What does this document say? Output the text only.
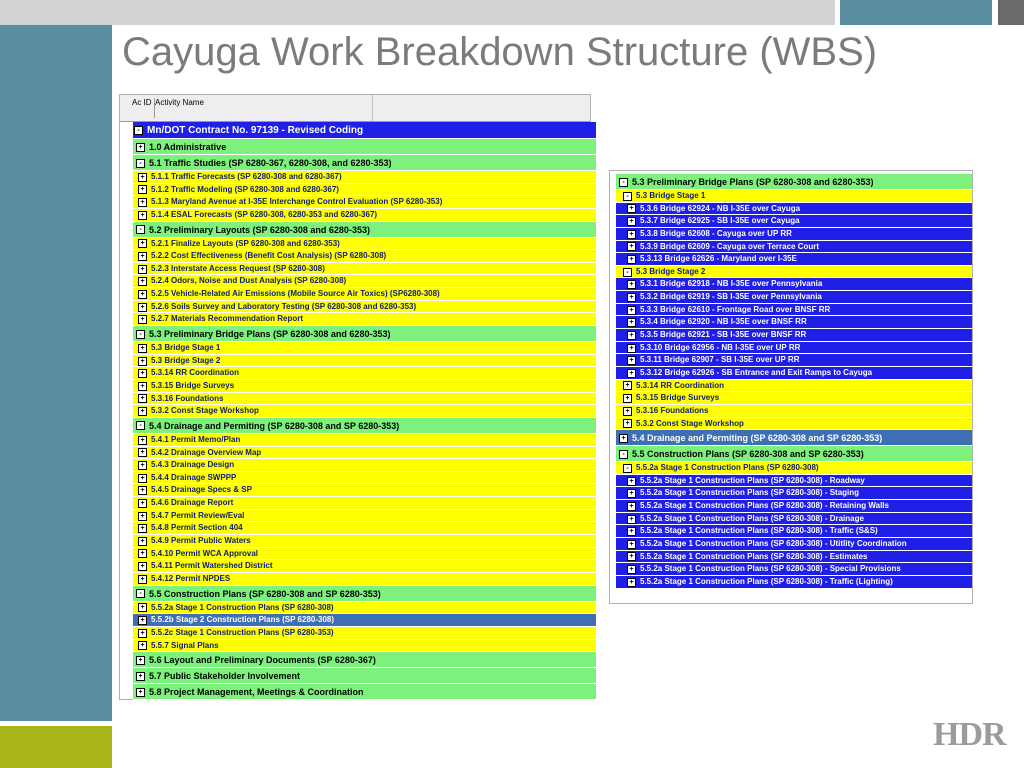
Cayuga Work Breakdown Structure (WBS)
Ac ID Activity Name
- Mn/DOT Contract No. 97139 - Revised Coding
+ 1.0 Administrative
- 5.1 Traffic Studies (SP 6280-367, 6280-308, and 6280-353)
+ 5.1.1 Traffic Forecasts (SP 6280-308 and 6280-367)
+ 5.1.2 Traffic Modeling (SP 6280-308 and 6280-367)
+ 5.1.3 Maryland Avenue at I-35E Interchange Control Evaluation (SP 6280-353)
+ 5.1.4 ESAL Forecasts (SP 6280-308, 6280-353 and 6280-367)
- 5.2 Preliminary Layouts (SP 6280-308 and 6280-353)
+ 5.2.1 Finalize Layouts (SP 6280-308 and 6280-353)
+ 5.2.2 Cost Effectiveness (Benefit Cost Analysis) (SP 6280-308)
+ 5.2.3 Interstate Access Request (SP 6280-308)
+ 5.2.4 Odors, Noise and Dust Analysis (SP 6280-308)
+ 5.2.5 Vehicle-Related Air Emissions (Mobile Source Air Toxics) (SP6280-308)
+ 5.2.6 Soils Survey and Laboratory Testing (SP 6280-308 and 6280-353)
+ 5.2.7 Materials Recommendation Report
- 5.3 Preliminary Bridge Plans (SP 6280-308 and 6280-353)
+ 5.3 Bridge Stage 1
+ 5.3 Bridge Stage 2
+ 5.3.14 RR Coordination
+ 5.3.15 Bridge Surveys
+ 5.3.16 Foundations
+ 5.3.2 Const Stage Workshop
- 5.4 Drainage and Permiting (SP 6280-308 and SP 6280-353)
+ 5.4.1 Permit Memo/Plan
+ 5.4.2 Drainage Overview Map
+ 5.4.3 Drainage Design
+ 5.4.4 Drainage SWPPP
+ 5.4.5 Drainage Specs & SP
+ 5.4.6 Drainage Report
+ 5.4.7 Permit Review/Eval
+ 5.4.8 Permit Section 404
+ 5.4.9 Permit Public Waters
+ 5.4.10 Permit WCA Approval
+ 5.4.11 Permit Watershed District
+ 5.4.12 Permit NPDES
- 5.5 Construction Plans (SP 6280-308 and SP 6280-353)
+ 5.5.2a Stage 1 Construction Plans (SP 6280-308)
+ 5.5.2b Stage 2 Construction Plans (SP 6280-308)
+ 5.5.2c Stage 1 Construction Plans (SP 6280-353)
+ 5.5.7 Signal Plans
+ 5.6 Layout and Preliminary Documents (SP 6280-367)
+ 5.7 Public Stakeholder Involvement
+ 5.8 Project Management, Meetings & Coordination
- 5.3 Preliminary Bridge Plans (SP 6280-308 and 6280-353)
- 5.3 Bridge Stage 1
+ 5.3.6 Bridge 62924 - NB I-35E over Cayuga
+ 5.3.7 Bridge 62925 - SB I-35E over Cayuga
+ 5.3.8 Bridge 62608 - Cayuga over UP RR
+ 5.3.9 Bridge 62609 - Cayuga over Terrace Court
+ 5.3.13 Bridge 62626 - Maryland over I-35E
- 5.3 Bridge Stage 2
+ 5.3.1 Bridge 62918 - NB I-35E over Pennsylvania
+ 5.3.2 Bridge 62919 - SB I-35E over Pennsylvania
+ 5.3.3 Bridge 62610 - Frontage Road over BNSF RR
+ 5.3.4 Bridge 62920 - NB I-35E over BNSF RR
+ 5.3.5 Bridge 62921 - SB I-35E over BNSF RR
+ 5.3.10 Bridge 62956 - NB I-35E over UP RR
+ 5.3.11 Bridge 62907 - SB I-35E over UP RR
+ 5.3.12 Bridge 62926 - SB Entrance and Exit Ramps to Cayuga
+ 5.3.14 RR Coordination
+ 5.3.15 Bridge Surveys
+ 5.3.16 Foundations
+ 5.3.2 Const Stage Workshop
+ 5.4 Drainage and Permiting (SP 6280-308 and SP 6280-353)
- 5.5 Construction Plans (SP 6280-308 and SP 6280-353)
- 5.5.2a Stage 1 Construction Plans (SP 6280-308)
+ 5.5.2a Stage 1 Construction Plans (SP 6280-308) - Roadway
+ 5.5.2a Stage 1 Construction Plans (SP 6280-308) - Staging
+ 5.5.2a Stage 1 Construction Plans (SP 6280-308) - Retaining Walls
+ 5.5.2a Stage 1 Construction Plans (SP 6280-308) - Drainage
+ 5.5.2a Stage 1 Construction Plans (SP 6280-308) - Traffic (S&S)
+ 5.5.2a Stage 1 Construction Plans (SP 6280-308) - Utitlity Coordination
+ 5.5.2a Stage 1 Construction Plans (SP 6280-308) - Estimates
+ 5.5.2a Stage 1 Construction Plans (SP 6280-308) - Special Provisions
+ 5.5.2a Stage 1 Construction Plans (SP 6280-308) - Traffic (Lighting)
HDR
